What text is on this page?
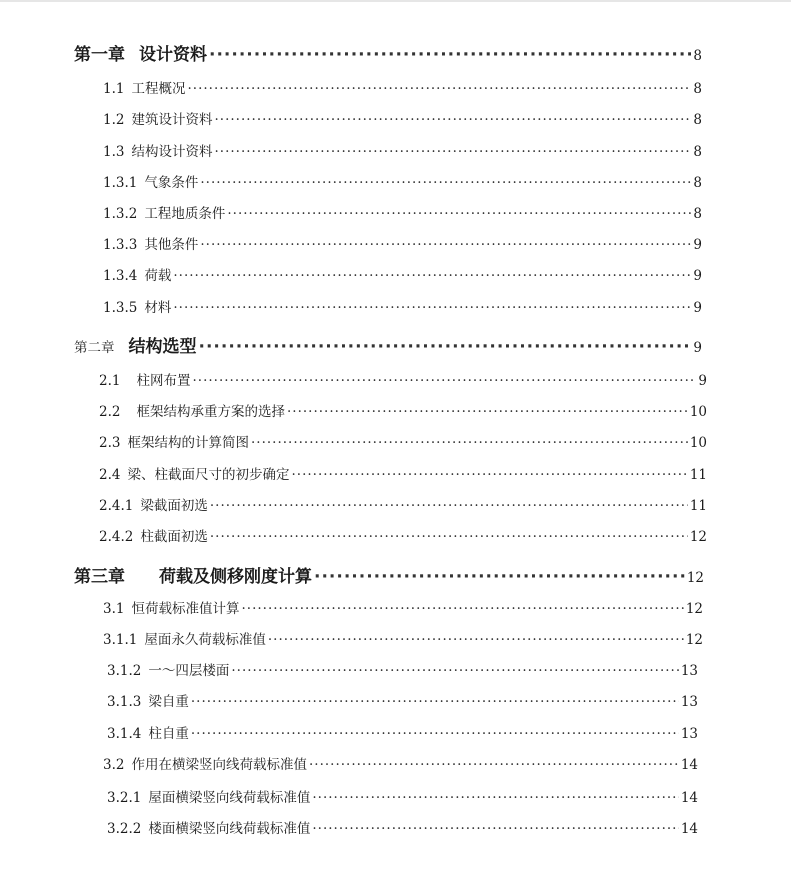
第一章 设计资料 ·····	8
1.1 工程概况 ·····	8
1.2 建筑设计资料 ·····	8
1.3 结构设计资料 ·····	8
1.3.1 气象条件 ·····	8
1.3.2 工程地质条件 ·····	8
1.3.3 其他条件 ·····	9
1.3.4 荷载 ·····	9
1.3.5 材料 ·····	9
第二章 结构选型 ·····	9
2.1 柱网布置 ·····	9
2.2 框架结构承重方案的选择 ·····	10
2.3 框架结构的计算简图 ·····	10
2.4 梁、柱截面尺寸的初步确定 ·····	11
2.4.1 梁截面初选 ·····	11
2.4.2 柱截面初选 ·····	12
第三章 荷载及侧移刚度计算 ·····	12
3.1 恒荷载标准值计算 ·····	12
3.1.1 屋面永久荷载标准值 ·····	12
3.1.2 一～四层楼面 ·····	13
3.1.3 梁自重 ·····	13
3.1.4 柱自重 ·····	13
3.2 作用在横梁竖向线荷载标准值 ·····	14
3.2.1 屋面横梁竖向线荷载标准值 ·····	14
3.2.2 楼面横梁竖向线荷载标准值 ·····	14
